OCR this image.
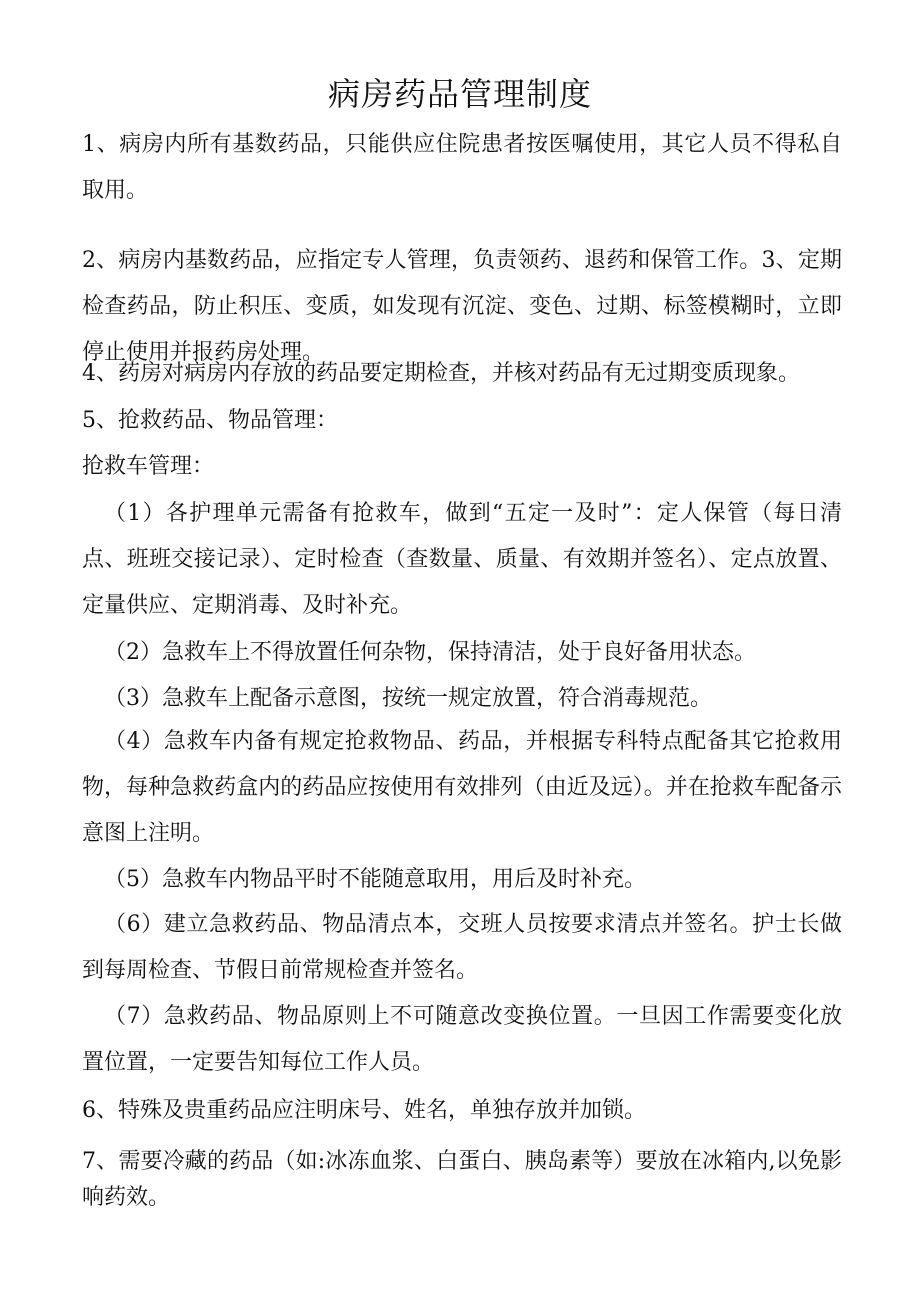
病房药品管理制度

1、病房内所有基数药品，只能供应住院患者按医嘱使用，其它人员不得私自取用。

2、病房内基数药品，应指定专人管理，负责领药、退药和保管工作。3、定期检查药品，防止积压、变质，如发现有沉淀、变色、过期、标签模糊时，立即停止使用并报药房处理。

4、药房对病房内存放的药品要定期检查，并核对药品有无过期变质现象。

5、抢救药品、物品管理：

抢救车管理：

（1）各护理单元需备有抢救车，做到“五定一及时”：定人保管（每日清点、班班交接记录）、定时检查（查数量、质量、有效期并签名）、定点放置、定量供应、定期消毒、及时补充。

（2）急救车上不得放置任何杂物，保持清洁，处于良好备用状态。

（3）急救车上配备示意图，按统一规定放置，符合消毒规范。

（4）急救车内备有规定抢救物品、药品，并根据专科特点配备其它抢救用物，每种急救药盒内的药品应按使用有效排列（由近及远）。并在抢救车配备示意图上注明。

（5）急救车内物品平时不能随意取用，用后及时补充。

（6）建立急救药品、物品清点本，交班人员按要求清点并签名。护士长做到每周检查、节假日前常规检查并签名。

（7）急救药品、物品原则上不可随意改变换位置。一旦因工作需要变化放置位置，一定要告知每位工作人员。

6、特殊及贵重药品应注明床号、姓名，单独存放并加锁。

7、需要冷藏的药品（如:冰冻血浆、白蛋白、胰岛素等）要放在冰箱内,以免影响药效。
